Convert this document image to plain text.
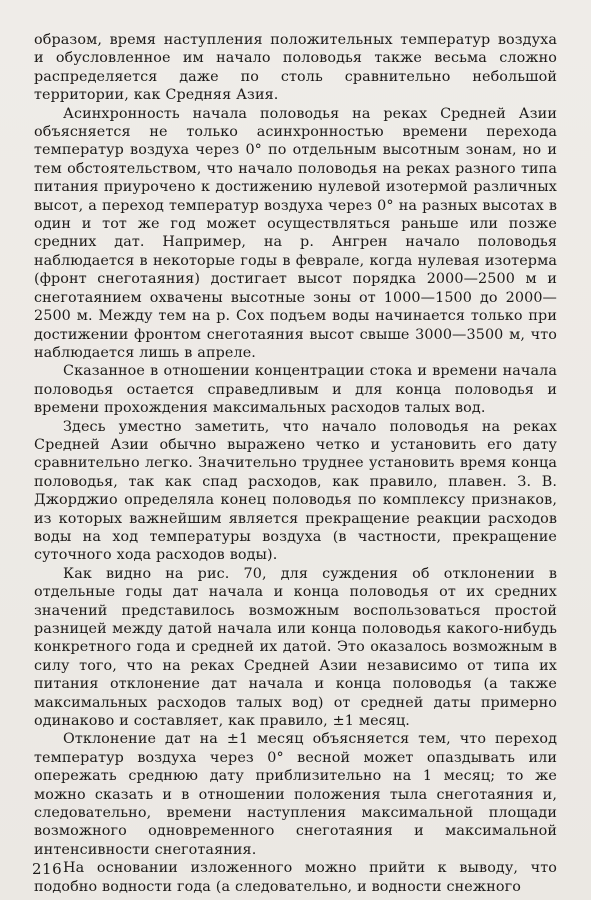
образом, время наступления положительных температур воздуха и обусловленное им начало половодья также весьма сложно распределяется даже по столь сравнительно небольшой территории, как Средняя Азия.

Асинхронность начала половодья на реках Средней Азии объясняется не только асинхронностью времени перехода температур воздуха через 0° по отдельным высотным зонам, но и тем обстоятельством, что начало половодья на реках разного типа питания приурочено к достижению нулевой изотермой различных высот, а переход температур воздуха через 0° на разных высотах в один и тот же год может осуществляться раньше или позже средних дат. Например, на р. Ангрен начало половодья наблюдается в некоторые годы в феврале, когда нулевая изотерма (фронт снеготаяния) достигает высот порядка 2000—2500 м и снеготаянием охвачены высотные зоны от 1000—1500 до 2000—2500 м. Между тем на р. Сох подъем воды начинается только при достижении фронтом снеготаяния высот свыше 3000—3500 м, что наблюдается лишь в апреле.

Сказанное в отношении концентрации стока и времени начала половодья остается справедливым и для конца половодья и времени прохождения максимальных расходов талых вод.

Здесь уместно заметить, что начало половодья на реках Средней Азии обычно выражено четко и установить его дату сравнительно легко. Значительно труднее установить время конца половодья, так как спад расходов, как правило, плавен. З. В. Джорджио определяла конец половодья по комплексу признаков, из которых важнейшим является прекращение реакции расходов воды на ход температуры воздуха (в частности, прекращение суточного хода расходов воды).

Как видно на рис. 70, для суждения об отклонении в отдельные годы дат начала и конца половодья от их средних значений представилось возможным воспользоваться простой разницей между датой начала или конца половодья какого-нибудь конкретного года и средней их датой. Это оказалось возможным в силу того, что на реках Средней Азии независимо от типа их питания отклонение дат начала и конца половодья (а также максимальных расходов талых вод) от средней даты примерно одинаково и составляет, как правило, ±1 месяц.

Отклонение дат на ±1 месяц объясняется тем, что переход температур воздуха через 0° весной может опаздывать или опережать среднюю дату приблизительно на 1 месяц; то же можно сказать и в отношении положения тыла снеготаяния и, следовательно, времени наступления максимальной площади возможного одновременного снеготаяния и максимальной интенсивности снеготаяния.

На основании изложенного можно прийти к выводу, что подобно водности года (а следовательно, и водности снежного

216
